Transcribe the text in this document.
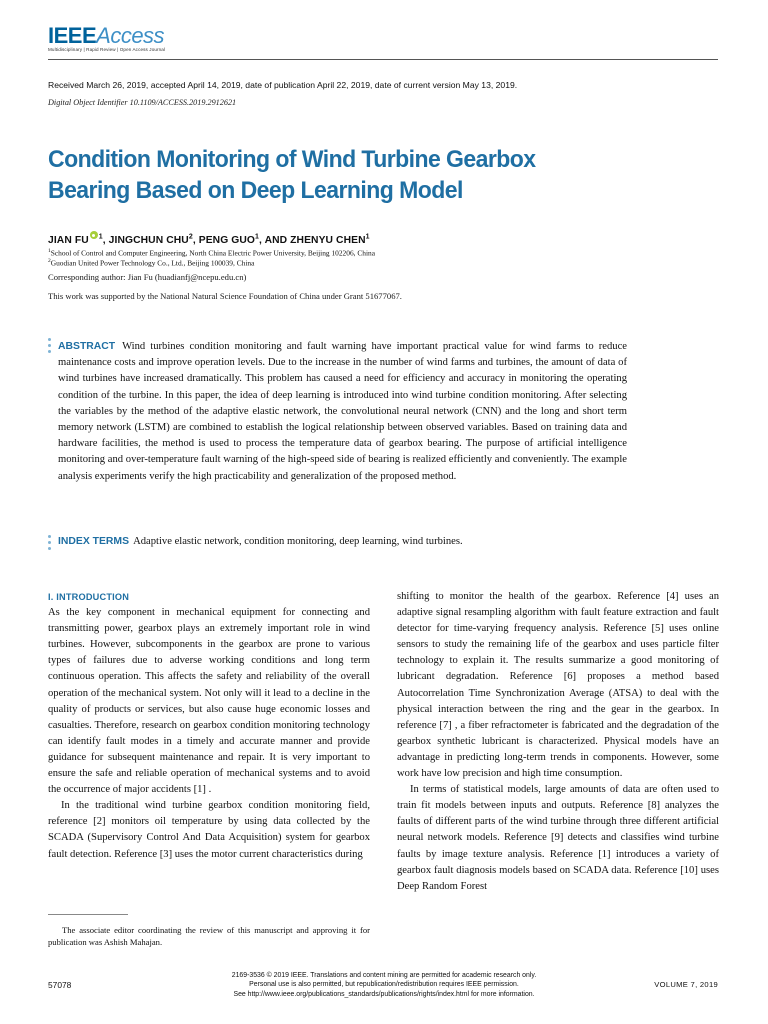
IEEEAccess
Multidisciplinary | Rapid Review | Open Access Journal
Received March 26, 2019, accepted April 14, 2019, date of publication April 22, 2019, date of current version May 13, 2019.
Digital Object Identifier 10.1109/ACCESS.2019.2912621
Condition Monitoring of Wind Turbine Gearbox
Bearing Based on Deep Learning Model
JIAN FU $^1$, JINGCHUN CHU$^2$, PENG GUO$^1$, AND ZHENYU CHEN$^1$
$^1$School of Control and Computer Engineering, North China Electric Power University, Beijing 102206, China
$^2$Guodian United Power Technology Co., Ltd., Beijing 100039, China
Corresponding author: Jian Fu (huadianfj@ncepu.edu.cn)
This work was supported by the National Natural Science Foundation of China under Grant 51677067.
ABSTRACT Wind turbines condition monitoring and fault warning have important practical value for wind farms to reduce maintenance costs and improve operation levels. Due to the increase in the number of wind farms and turbines, the amount of data of wind turbines have increased dramatically. This problem has caused a need for efficiency and accuracy in monitoring the operating condition of the turbine. In this paper, the idea of deep learning is introduced into wind turbine condition monitoring. After selecting the variables by the method of the adaptive elastic network, the convolutional neural network (CNN) and the long and short term memory network (LSTM) are combined to establish the logical relationship between observed variables. Based on training data and hardware facilities, the method is used to process the temperature data of gearbox bearing. The purpose of artificial intelligence monitoring and over-temperature fault warning of the high-speed side of bearing is realized efficiently and conveniently. The example analysis experiments verify the high practicability and generalization of the proposed method.
INDEX TERMS Adaptive elastic network, condition monitoring, deep learning, wind turbines.
I. INTRODUCTION

As the key component in mechanical equipment for connecting and transmitting power, gearbox plays an extremely important role in wind turbines. However, subcomponents in the gearbox are prone to various types of failures due to adverse working conditions and long term continuous operation. This affects the safety and reliability of the overall operation of the mechanical system. Not only will it lead to a decline in the quality of products or services, but also cause huge economic losses and casualties. Therefore, research on gearbox condition monitoring technology can identify fault modes in a timely and accurate manner and provide guidance for subsequent maintenance and repair. It is very important to ensure the safe and reliable operation of mechanical systems and to avoid the occurrence of major accidents [1] .

In the traditional wind turbine gearbox condition monitoring field, reference [2] monitors oil temperature by using data collected by the SCADA (Supervisory Control And Data Acquisition) system for gearbox fault detection. Reference [3] uses the motor current characteristics during

shifting to monitor the health of the gearbox. Reference [4] uses an adaptive signal resampling algorithm with fault feature extraction and fault detector for time-varying frequency analysis. Reference [5] uses online sensors to study the remaining life of the gearbox and uses particle filter technology to explain it. The results summarize a good monitoring of lubricant degradation. Reference [6] proposes a method based Autocorrelation Time Synchronization Average (ATSA) to deal with the physical interaction between the ring and the gear in the gearbox. In reference [7] , a fiber refractometer is fabricated and the degradation of the gearbox synthetic lubricant is characterized. Physical models have an advantage in predicting long-term trends in components. However, some work have low precision and high time consumption.

In terms of statistical models, large amounts of data are often used to train fit models between inputs and outputs. Reference [8] analyzes the faults of different parts of the wind turbine through three different artificial neural network models. Reference [9] detects and classifies wind turbine faults by image texture analysis. Reference [1] introduces a variety of gearbox fault diagnosis models based on SCADA data. Reference [10] uses Deep Random Forest

The associate editor coordinating the review of this manuscript and approving it for publication was Ashish Mahajan.
57078
2169-3536 © 2019 IEEE. Translations and content mining are permitted for academic research only.
Personal use is also permitted, but republication/redistribution requires IEEE permission.
See http://www.ieee.org/publications_standards/publications/rights/index.html for more information.
VOLUME 7, 2019
